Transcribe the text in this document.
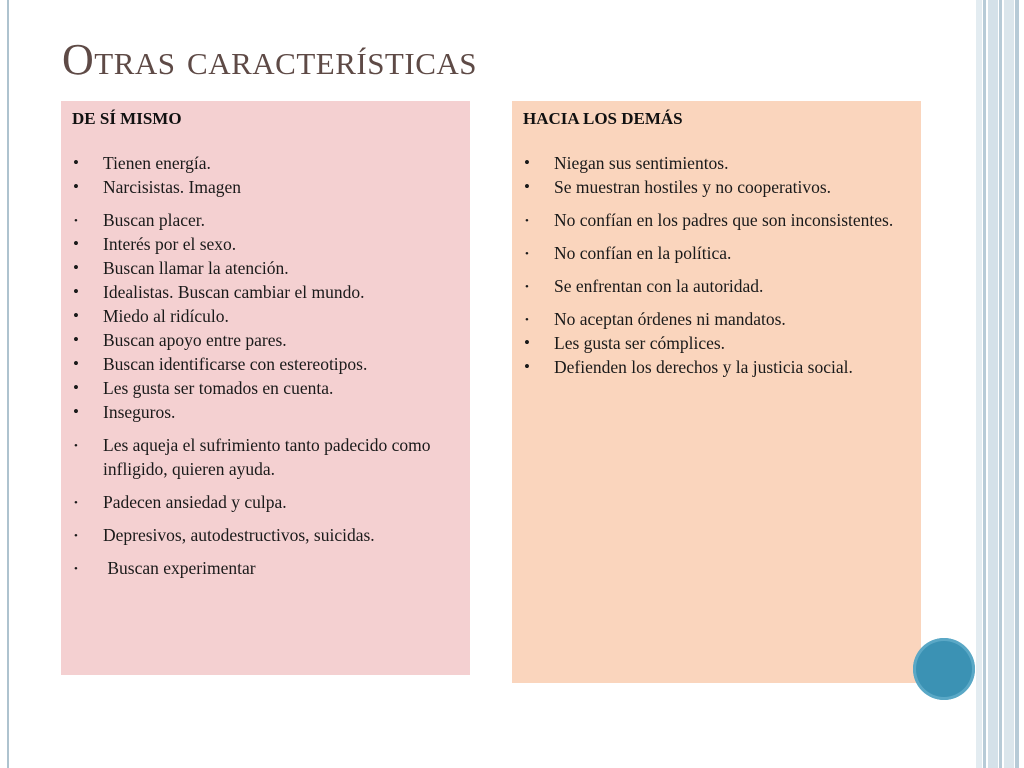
Otras características
DE SÍ MISMO
• Tienen energía.
• Narcisistas. Imagen
• Buscan placer.
• Interés por el sexo.
• Buscan llamar la atención.
• Idealistas. Buscan cambiar el mundo.
• Miedo al ridículo.
• Buscan apoyo entre pares.
• Buscan identificarse con estereotipos.
• Les gusta ser tomados en cuenta.
• Inseguros.
• Les aqueja el sufrimiento tanto padecido como infligido, quieren ayuda.
• Padecen ansiedad y culpa.
• Depresivos, autodestructivos, suicidas.
• Buscan experimentar
HACIA LOS DEMÁS
• Niegan sus sentimientos.
• Se muestran hostiles y no cooperativos.
• No confían en los padres que son inconsistentes.
• No confían en la política.
• Se enfrentan con la autoridad.
• No aceptan órdenes ni mandatos.
• Les gusta ser cómplices.
• Defienden los derechos y la justicia social.
